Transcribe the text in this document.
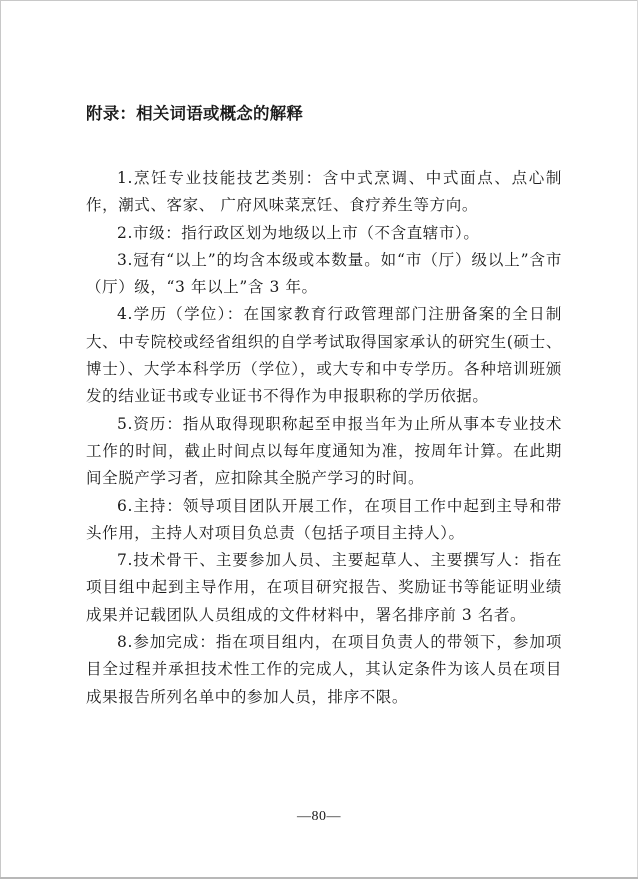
附录：相关词语或概念的解释

1.烹饪专业技能技艺类别：含中式烹调、中式面点、点心制作，潮式、客家、 广府风味菜烹饪、食疗养生等方向。

2.市级：指行政区划为地级以上市（不含直辖市）。

3.冠有“以上”的均含本级或本数量。如“市（厅）级以上”含市（厅）级，“3 年以上”含 3 年。

4.学历（学位）：在国家教育行政管理部门注册备案的全日制大、中专院校或经省组织的自学考试取得国家承认的研究生(硕士、博士）、大学本科学历（学位），或大专和中专学历。各种培训班颁发的结业证书或专业证书不得作为申报职称的学历依据。

5.资历：指从取得现职称起至申报当年为止所从事本专业技术工作的时间，截止时间点以每年度通知为准，按周年计算。在此期间全脱产学习者，应扣除其全脱产学习的时间。

6.主持：领导项目团队开展工作，在项目工作中起到主导和带头作用，主持人对项目负总责（包括子项目主持人）。

7.技术骨干、主要参加人员、主要起草人、主要撰写人：指在项目组中起到主导作用，在项目研究报告、奖励证书等能证明业绩成果并记载团队人员组成的文件材料中，署名排序前 3 名者。

8.参加完成：指在项目组内，在项目负责人的带领下，参加项目全过程并承担技术性工作的完成人，其认定条件为该人员在项目成果报告所列名单中的参加人员，排序不限。

—80—
